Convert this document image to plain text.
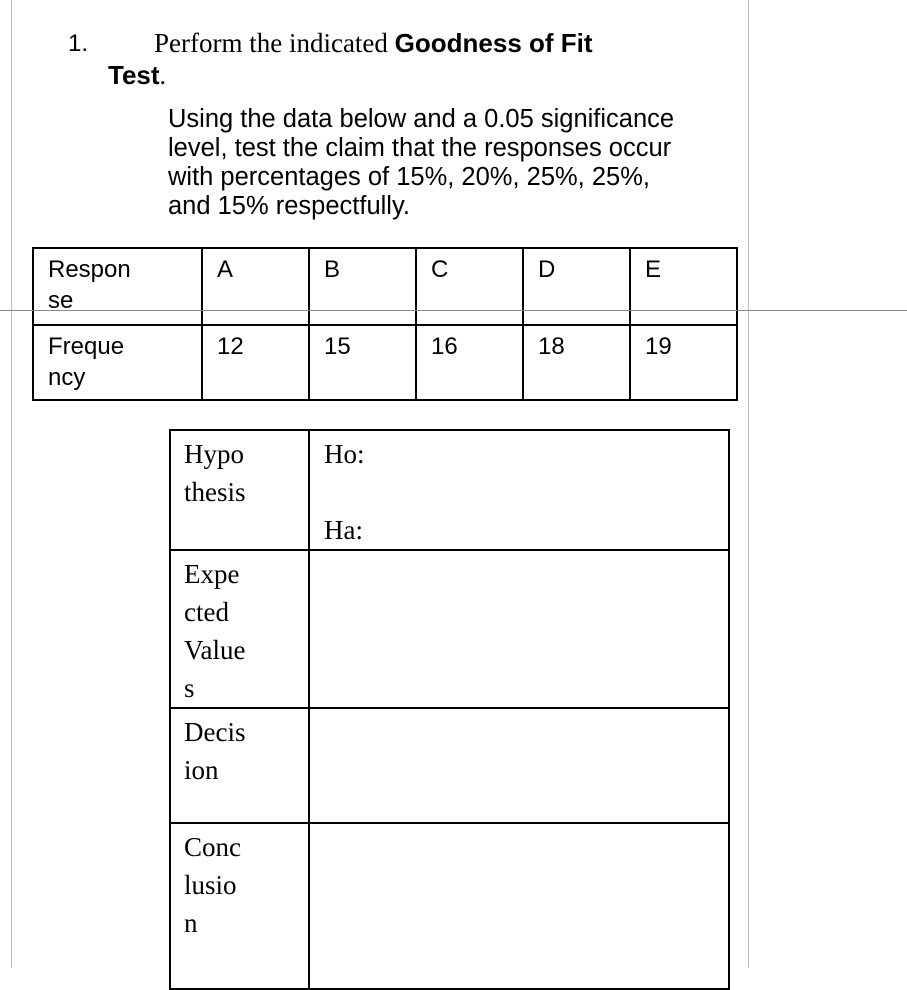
1. Perform the indicated Goodness of Fit
Test.
Using the data below and a 0.05 significance level, test the claim that the responses occur with percentages of 15%, 20%, 25%, 25%, and 15% respectfully.
Respon
se	A	B	C	D	E

Freque
ncy	12	15	16	18	19
Hypo
thesis	Ho:
Ha:

Expe
cted
Value
s	

Decis
ion	

Conc
lusio
n	
